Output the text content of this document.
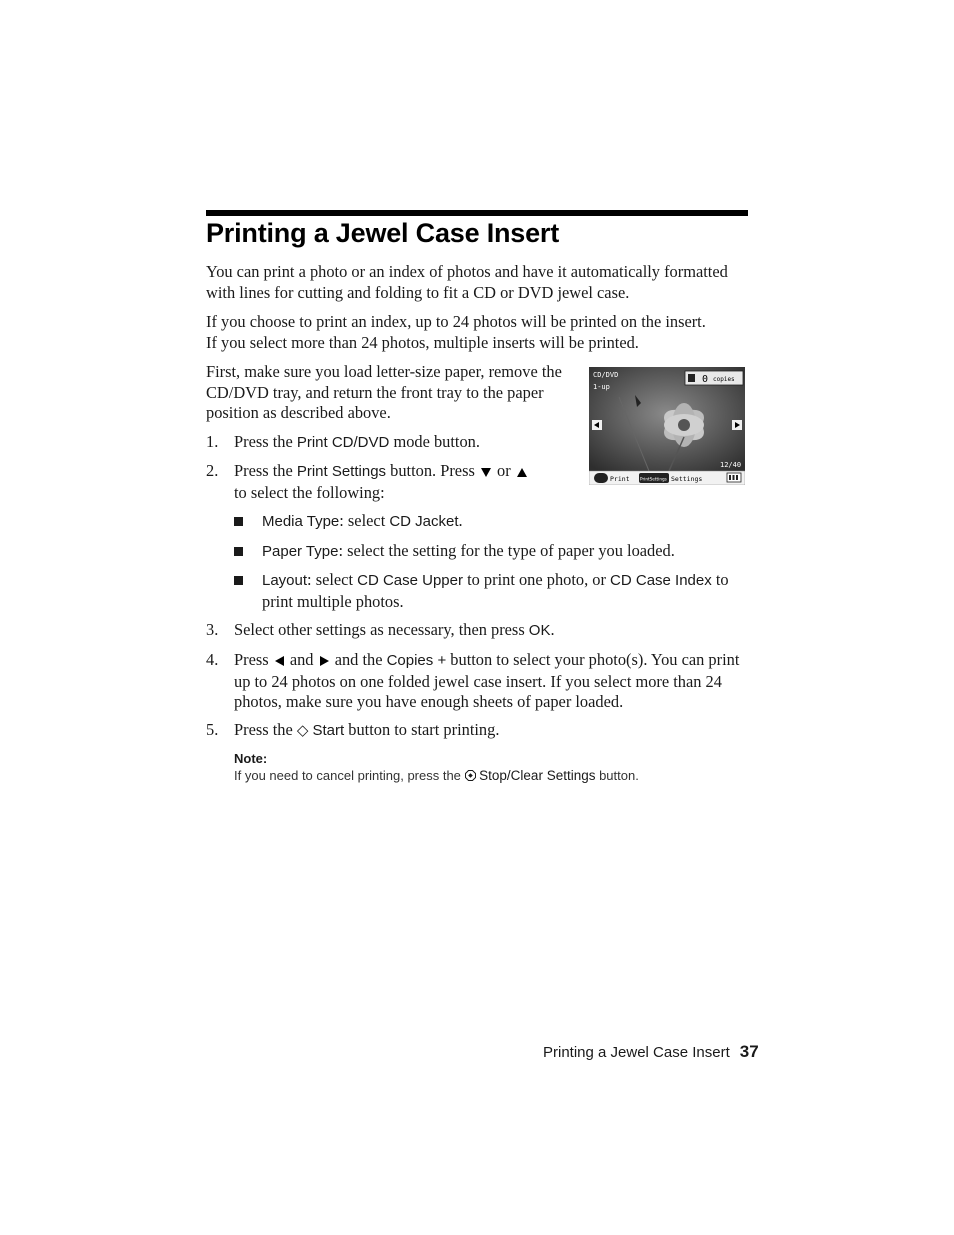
Printing a Jewel Case Insert
You can print a photo or an index of photos and have it automatically formatted
with lines for cutting and folding to fit a CD or DVD jewel case.
If you choose to print an index, up to 24 photos will be printed on the insert.
If you select more than 24 photos, multiple inserts will be printed.
First, make sure you load letter-size paper, remove the
CD/DVD tray, and return the front tray to the paper
position as described above.
CD/DVD
1-up
0 copies
12/40
Print PrintSettings Settings
1. Press the Print CD/DVD mode button.
2. Press the Print Settings button. Press  or
to select the following:
Media Type: select CD Jacket.
Paper Type: select the setting for the type of paper you loaded.
Layout: select CD Case Upper to print one photo, or CD Case Index to
print multiple photos.
3. Select other settings as necessary, then press OK.
4. Press  and  and the Copies + button to select your photo(s). You can print
up to 24 photos on one folded jewel case insert. If you select more than 24
photos, make sure you have enough sheets of paper loaded.
5. Press the ◇ Start button to start printing.
Note:
If you need to cancel printing, press the  Stop/Clear Settings button.
Printing a Jewel Case Insert 37
